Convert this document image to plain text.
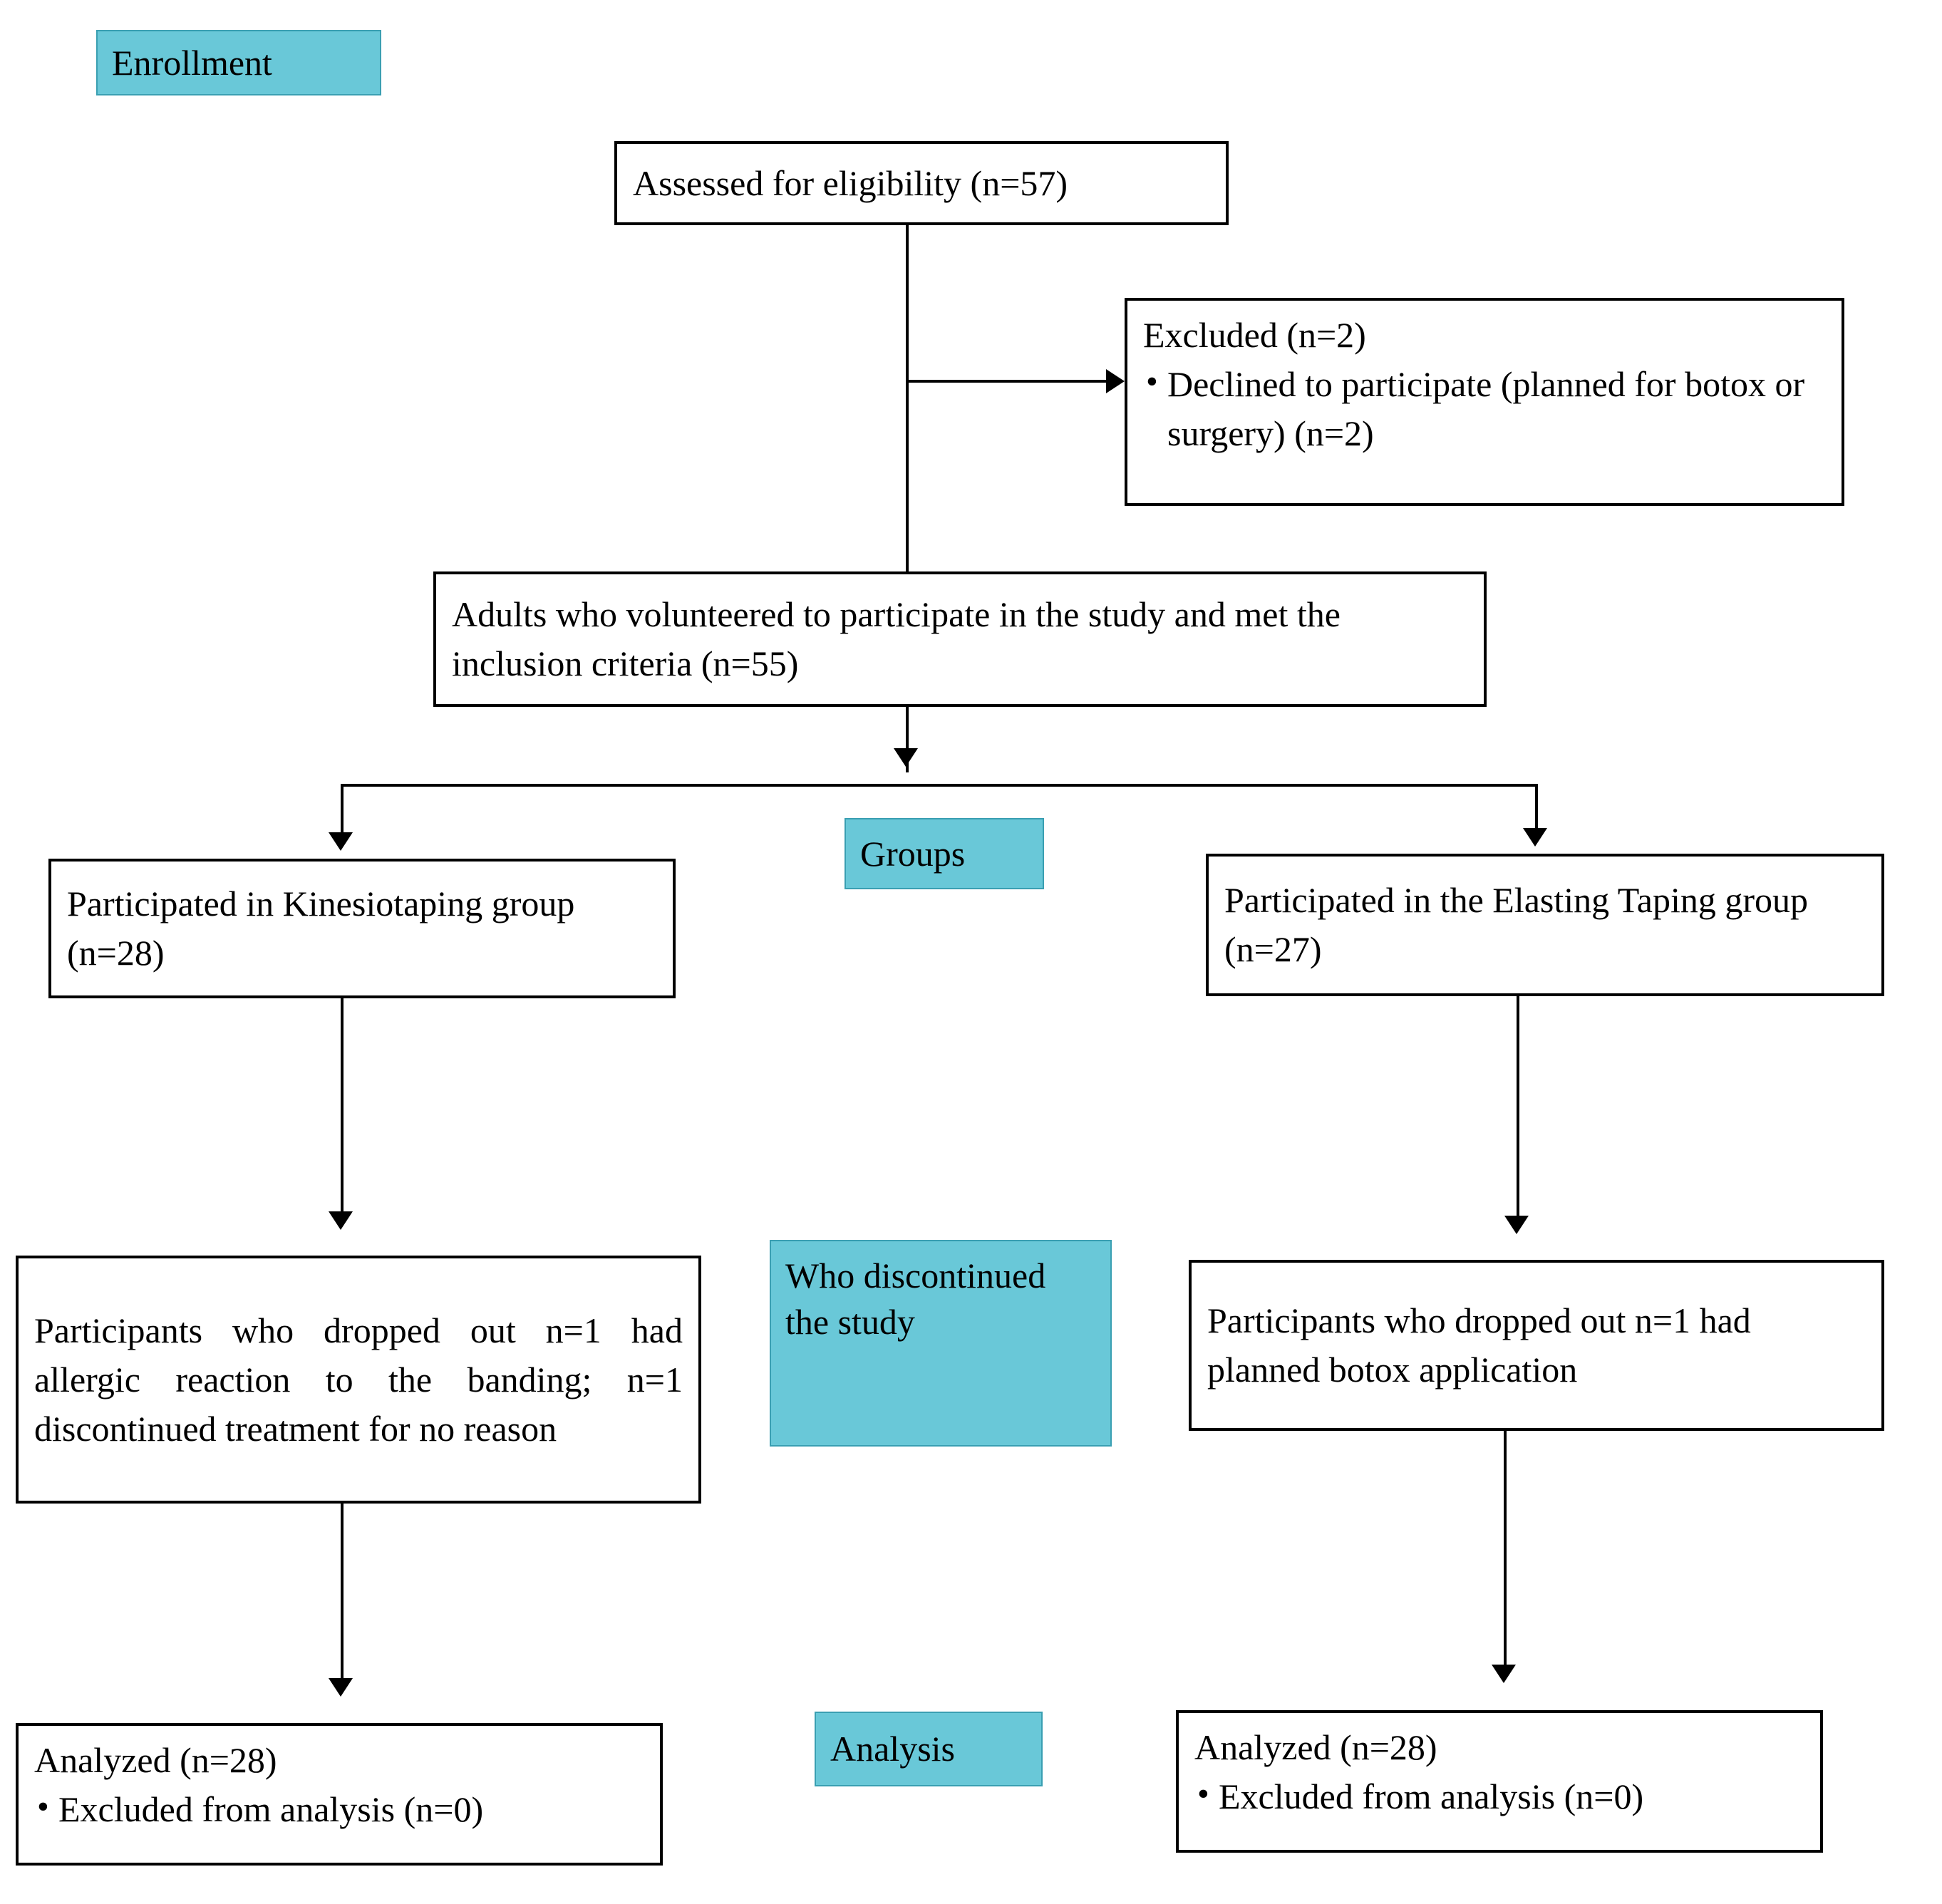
Enrollment
Groups
Who discontinued the study
Analysis
Assessed for eligibility (n=57)
Excluded (n=2)
• Declined to participate (planned for botox or surgery) (n=2)
Adults who volunteered to participate in the study and met the inclusion criteria (n=55)
Participated in Kinesiotaping group (n=28)
Participated in the Elasting Taping group (n=27)
Participants who dropped out n=1 had allergic reaction to the banding; n=1 discontinued treatment for no reason
Participants who dropped out n=1 had planned botox application
Analyzed (n=28)
• Excluded from analysis (n=0)
Analyzed (n=28)
• Excluded from analysis (n=0)
